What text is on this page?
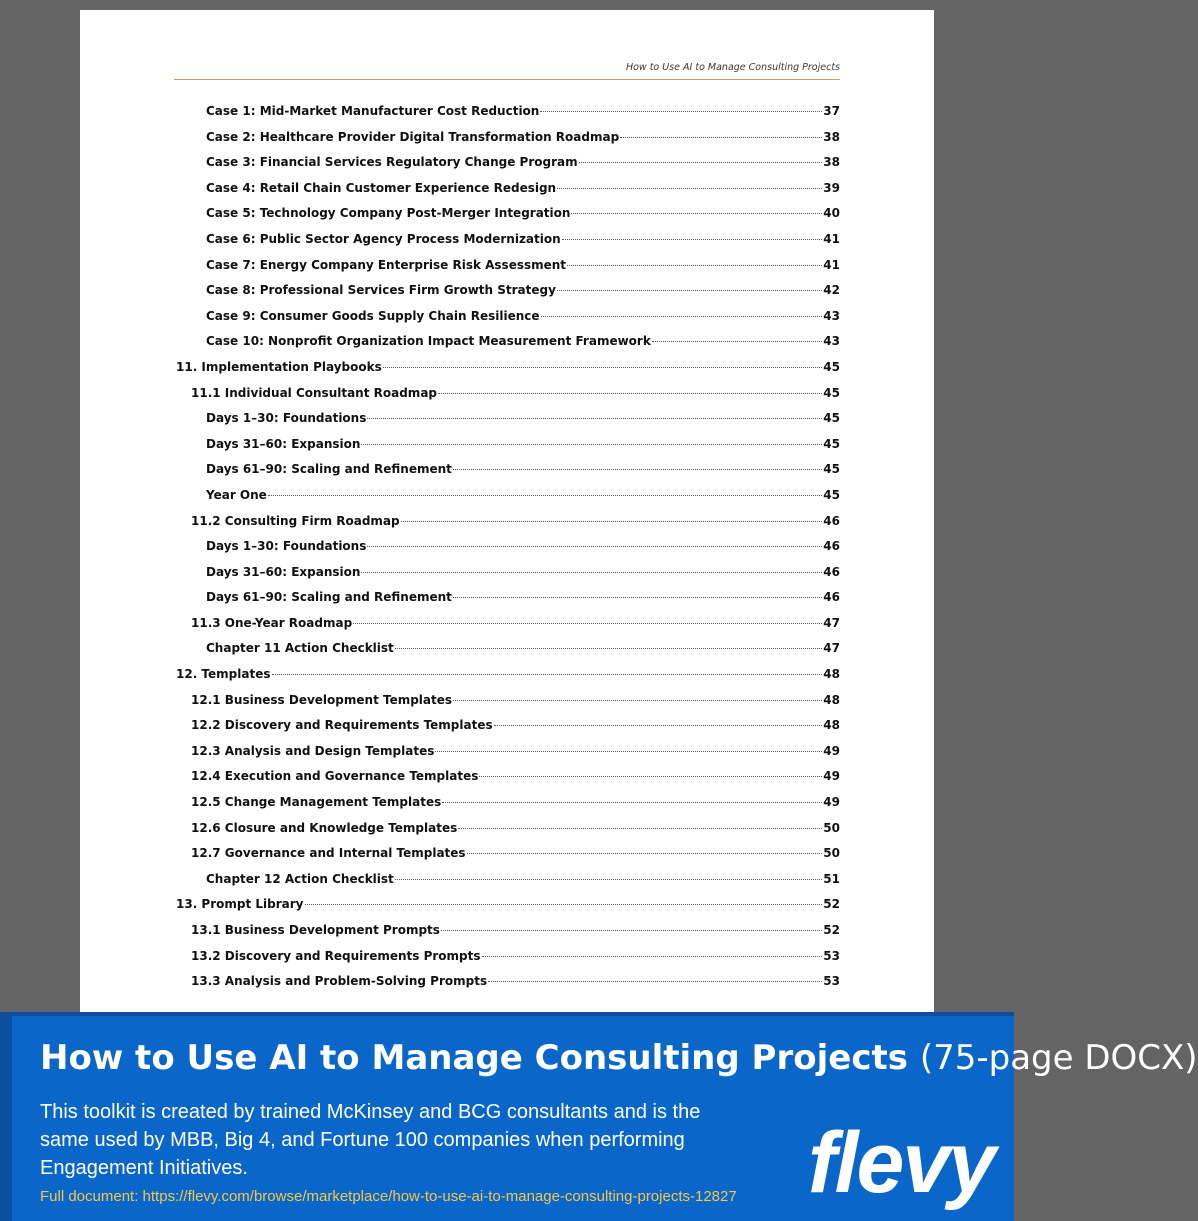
How to Use AI to Manage Consulting Projects
Case 1: Mid-Market Manufacturer Cost Reduction	37
Case 2: Healthcare Provider Digital Transformation Roadmap	38
Case 3: Financial Services Regulatory Change Program	38
Case 4: Retail Chain Customer Experience Redesign	39
Case 5: Technology Company Post-Merger Integration	40
Case 6: Public Sector Agency Process Modernization	41
Case 7: Energy Company Enterprise Risk Assessment	41
Case 8: Professional Services Firm Growth Strategy	42
Case 9: Consumer Goods Supply Chain Resilience	43
Case 10: Nonprofit Organization Impact Measurement Framework	43
11. Implementation Playbooks	45
11.1 Individual Consultant Roadmap	45
Days 1–30: Foundations	45
Days 31–60: Expansion	45
Days 61–90: Scaling and Refinement	45
Year One	45
11.2 Consulting Firm Roadmap	46
Days 1–30: Foundations	46
Days 31–60: Expansion	46
Days 61–90: Scaling and Refinement	46
11.3 One-Year Roadmap	47
Chapter 11 Action Checklist	47
12. Templates	48
12.1 Business Development Templates	48
12.2 Discovery and Requirements Templates	48
12.3 Analysis and Design Templates	49
12.4 Execution and Governance Templates	49
12.5 Change Management Templates	49
12.6 Closure and Knowledge Templates	50
12.7 Governance and Internal Templates	50
Chapter 12 Action Checklist	51
13. Prompt Library	52
13.1 Business Development Prompts	52
13.2 Discovery and Requirements Prompts	53
13.3 Analysis and Problem-Solving Prompts	53
How to Use AI to Manage Consulting Projects (75-page DOCX)
This toolkit is created by trained McKinsey and BCG consultants and is the same used by MBB, Big 4, and Fortune 100 companies when performing Engagement Initiatives.
Full document: https://flevy.com/browse/marketplace/how-to-use-ai-to-manage-consulting-projects-12827 flevy
